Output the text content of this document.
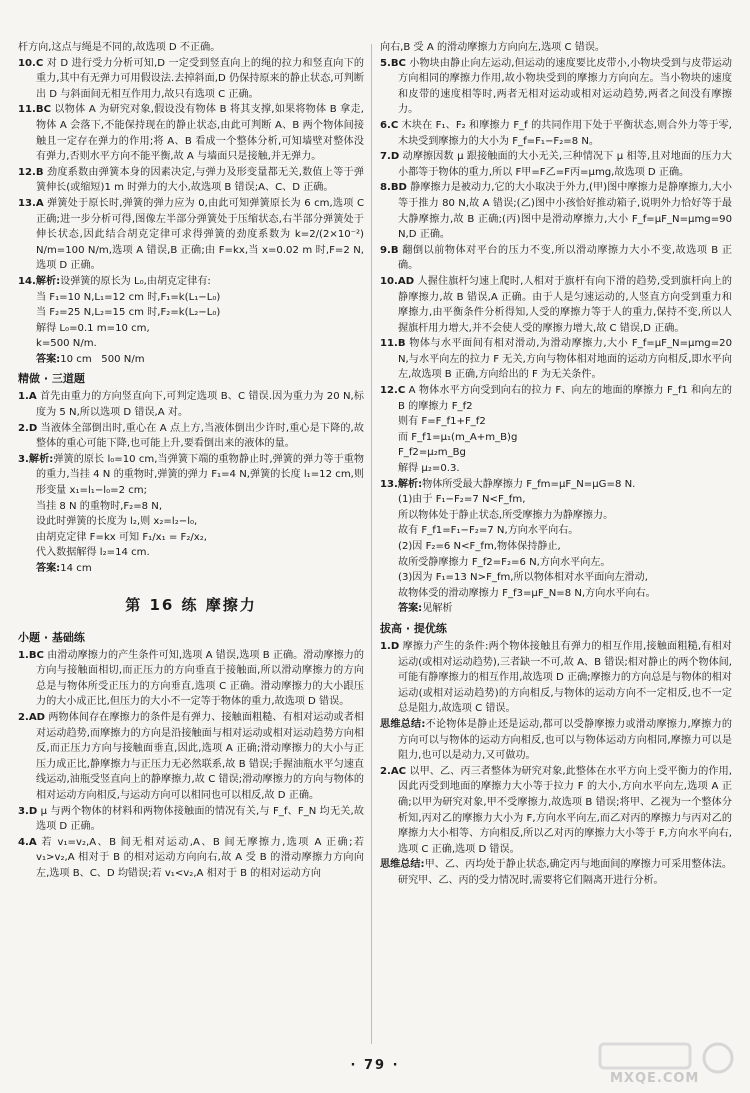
杆方向,这点与绳是不同的,故选项 D 不正确。

10.C 对 D 进行受力分析可知,D 一定受到竖直向上的绳的拉力和竖直向下的重力,其中有无弹力可用假设法.去掉斜面,D 仍保持原来的静止状态,可判断出 D 与斜面间无相互作用力,故只有选项 C 正确。

11.BC 以物体 A 为研究对象,假设没有物体 B 将其支撑,如果将物体 B 拿走,物体 A 会落下,不能保持现在的静止状态,由此可判断 A、B 两个物体间接触且一定存在弹力的作用;将 A、B 看成一个整体分析,可知墙壁对整体没有弹力,否则水平方向不能平衡,故 A 与墙面只是接触,并无弹力。

12.B 劲度系数由弹簧本身的因素决定,与弹力及形变量都无关,数值上等于弹簧伸长(或缩短)1 m 时弹力的大小,故选项 B 错误;A、C、D 正确。

13.A 弹簧处于原长时,弹簧的弹力应为 0,由此可知弹簧原长为 6 cm,选项 C 正确;进一步分析可得,图像左半部分弹簧处于压缩状态,右半部分弹簧处于伸长状态,因此结合胡克定律可求得弹簧的劲度系数为 k=2/(2×10⁻²) N/m=100 N/m,选项 A 错误,B 正确;由 F=kx,当 x=0.02 m 时,F=2 N,选项 D 正确。

14.解析:设弹簧的原长为 L₀,由胡克定律有:

当 F₁=10 N,L₁=12 cm 时,F₁=k(L₁−L₀)

当 F₂=25 N,L₂=15 cm 时,F₂=k(L₂−L₀)

解得 L₀=0.1 m=10 cm,

k=500 N/m.

答案:10 cm   500 N/m

精做 · 三道题

1.A 首先由重力的方向竖直向下,可判定选项 B、C 错误.因为重力为 20 N,标度为 5 N,所以选项 D 错误,A 对。

2.D 当液体全部倒出时,重心在 A 点上方,当液体倒出少许时,重心是下降的,故整体的重心可能下降,也可能上升,要看倒出来的液体的量。

3.解析:弹簧的原长 l₀=10 cm,当弹簧下端的重物静止时,弹簧的弹力等于重物的重力,当挂 4 N 的重物时,弹簧的弹力 F₁=4 N,弹簧的长度 l₁=12 cm,则形变量 x₁=l₁−l₀=2 cm;

当挂 8 N 的重物时,F₂=8 N,

设此时弹簧的长度为 l₂,则 x₂=l₂−l₀,

由胡克定律 F=kx 可知 F₁/x₁ = F₂/x₂,

代入数据解得 l₂=14 cm.

答案:14 cm

第 16 练 摩擦力
小题 · 基础练

1.BC 由滑动摩擦力的产生条件可知,选项 A 错误,选项 B 正确。滑动摩擦力的方向与接触面相切,而正压力的方向垂直于接触面,所以滑动摩擦力的方向总是与物体所受正压力的方向垂直,选项 C 正确。滑动摩擦力的大小跟压力的大小成正比,但压力的大小不一定等于物体的重力,故选项 D 错误。

2.AD 两物体间存在摩擦力的条件是有弹力、接触面粗糙、有相对运动或者相对运动趋势,而摩擦力的方向是沿接触面与相对运动或相对运动趋势方向相反,而正压力方向与接触面垂直,因此,选项 A 正确;滑动摩擦力的大小与正压力成正比,静摩擦力与正压力无必然联系,故 B 错误;手握油瓶水平匀速直线运动,油瓶受竖直向上的静摩擦力,故 C 错误;滑动摩擦力的方向与物体的相对运动方向相反,与运动方向可以相同也可以相反,故 D 正确。

3.D μ 与两个物体的材料和两物体接触面的情况有关,与 F_f、F_N 均无关,故选项 D 正确。

4.A 若 v₁=v₂,A、B 间无相对运动,A、B 间无摩擦力,选项 A 正确;若 v₁>v₂,A 相对于 B 的相对运动方向向右,故 A 受 B 的滑动摩擦力方向向左,选项 B、C、D 均错误;若 v₁<v₂,A 相对于 B 的相对运动方向

向右,B 受 A 的滑动摩擦力方向向左,选项 C 错误。

5.BC 小物块由静止向左运动,但运动的速度要比皮带小,小物块受到与皮带运动方向相同的摩擦力作用,故小物块受到的摩擦力方向向左。当小物块的速度和皮带的速度相等时,两者无相对运动或相对运动趋势,两者之间没有摩擦力。

6.C 木块在 F₁、F₂ 和摩擦力 F_f 的共同作用下处于平衡状态,则合外力等于零,木块受到摩擦力的大小为 F_f=F₁−F₂=8 N。

7.D 动摩擦因数 μ 跟接触面的大小无关,三种情况下 μ 相等,且对地面的压力大小都等于物体的重力,所以 F甲=F乙=F丙=μmg,故选项 D 正确。

8.BD 静摩擦力是被动力,它的大小取决于外力,(甲)图中摩擦力是静摩擦力,大小等于推力 80 N,故 A 错误;(乙)图中小孩恰好推动箱子,说明外力恰好等于最大静摩擦力,故 B 正确;(丙)图中是滑动摩擦力,大小 F_f=μF_N=μmg=90 N,D 正确。

9.B 翻倒以前物体对平台的压力不变,所以滑动摩擦力大小不变,故选项 B 正确。

10.AD 人握住旗杆匀速上爬时,人相对于旗杆有向下滑的趋势,受到旗杆向上的静摩擦力,故 B 错误,A 正确。由于人是匀速运动的,人竖直方向受到重力和摩擦力,由平衡条件分析得知,人受的摩擦力等于人的重力,保持不变,所以人握旗杆用力增大,并不会使人受的摩擦力增大,故 C 错误,D 正确。

11.B 物体与水平面间有相对滑动,为滑动摩擦力,大小 F_f=μF_N=μmg=20 N,与水平向左的拉力 F 无关,方向与物体相对地面的运动方向相反,即水平向左,故选项 B 正确,方向给出的 F 为无关条件。

12.C A 物体水平方向受到向右的拉力 F、向左的地面的摩擦力 F_f1 和向左的 B 的摩擦力 F_f2

则有 F=F_f1+F_f2

而 F_f1=μ₁(m_A+m_B)g

F_f2=μ₂m_Bg

解得 μ₂=0.3.

13.解析:物体所受最大静摩擦力 F_fm=μF_N=μG=8 N.

(1)由于 F₁−F₂=7 N<F_fm,

所以物体处于静止状态,所受摩擦力为静摩擦力。

故有 F_f1=F₁−F₂=7 N,方向水平向右。

(2)因 F₂=6 N<F_fm,物体保持静止,

故所受静摩擦力 F_f2=F₂=6 N,方向水平向左。

(3)因为 F₁=13 N>F_fm,所以物体相对水平面向左滑动,

故物体受的滑动摩擦力 F_f3=μF_N=8 N,方向水平向右。

答案:见解析

拔高 · 提优练

1.D 摩擦力产生的条件:两个物体接触且有弹力的相互作用,接触面粗糙,有相对运动(或相对运动趋势),三者缺一不可,故 A、B 错误;相对静止的两个物体间,可能有静摩擦力的相互作用,故选项 D 正确;摩擦力的方向总是与物体的相对运动(或相对运动趋势)的方向相反,与物体的运动方向不一定相反,也不一定总是阻力,故选项 C 错误。

思维总结:不论物体是静止还是运动,都可以受静摩擦力或滑动摩擦力,摩擦力的方向可以与物体的运动方向相反,也可以与物体运动方向相同,摩擦力可以是阻力,也可以是动力,又可做功。

2.AC 以甲、乙、丙三者整体为研究对象,此整体在水平方向上受平衡力的作用,因此丙受到地面的摩擦力大小等于拉力 F 的大小,方向水平向左,选项 A 正确;以甲为研究对象,甲不受摩擦力,故选项 B 错误;将甲、乙视为一个整体分析知,丙对乙的摩擦力大小为 F,方向水平向左,而乙对丙的摩擦力与丙对乙的摩擦力大小相等、方向相反,所以乙对丙的摩擦力大小等于 F,方向水平向右,选项 C 正确,选项 D 错误。

思维总结:甲、乙、丙均处于静止状态,确定丙与地面间的摩擦力可采用整体法。研究甲、乙、丙的受力情况时,需要将它们隔离开进行分析。

· 79 ·
MXQE.COM
